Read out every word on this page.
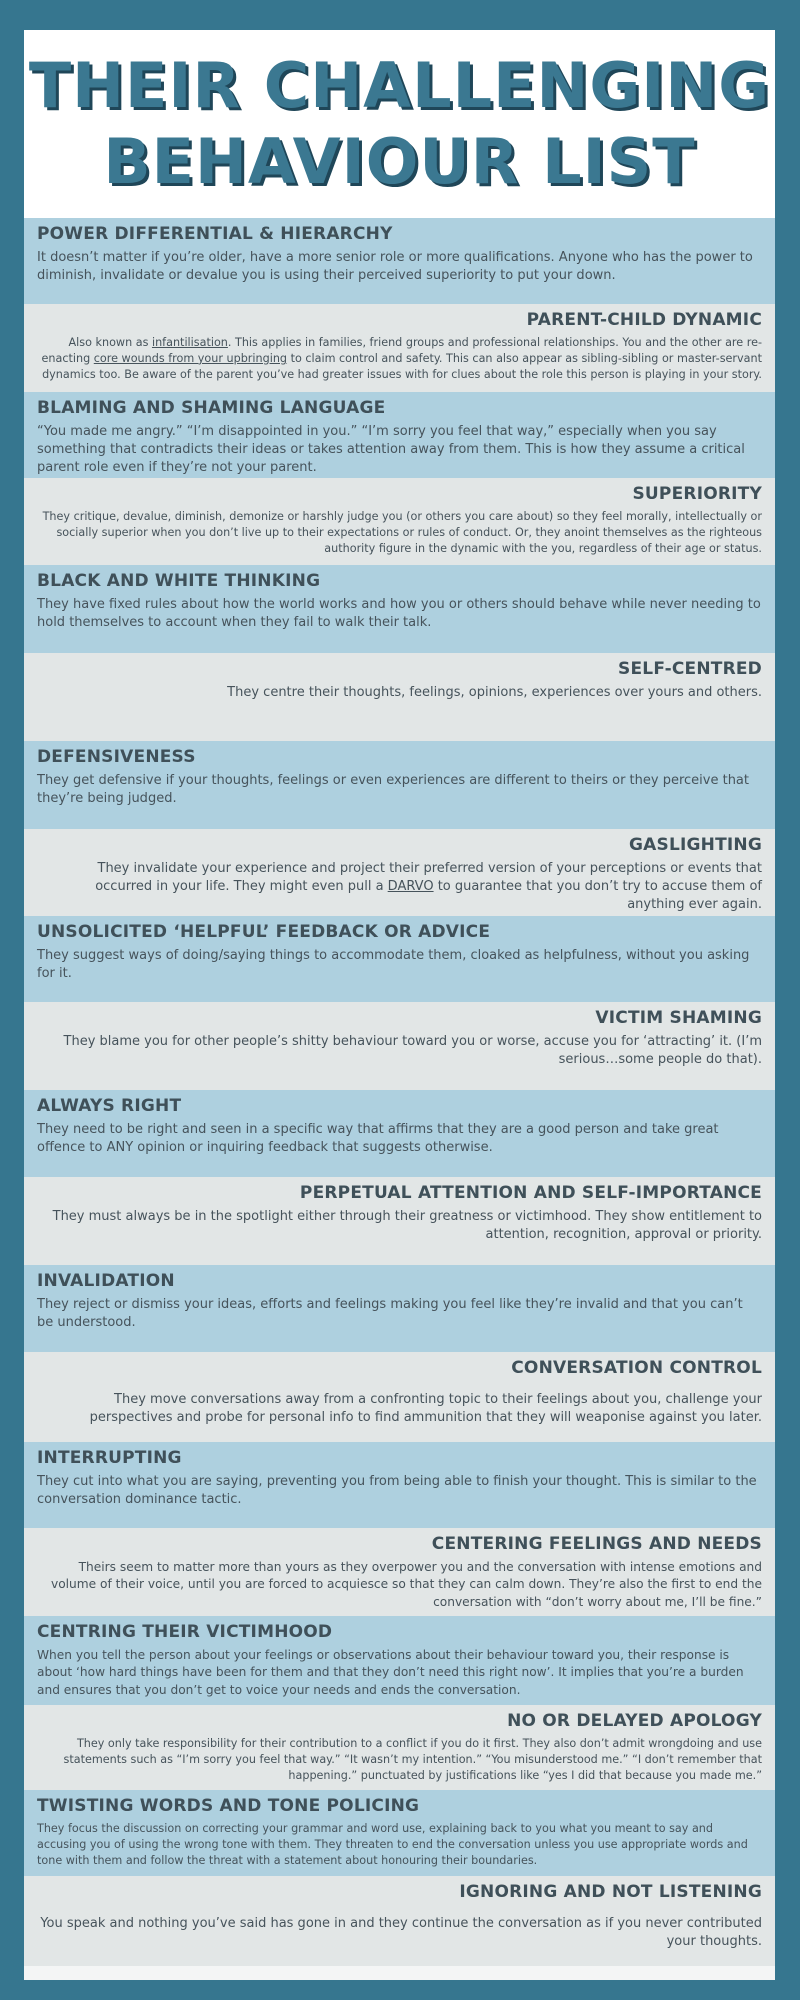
THEIR CHALLENGING
BEHAVIOUR LIST
POWER DIFFERENTIAL & HIERARCHY

It doesn’t matter if you’re older, have a more senior role or more qualifications. Anyone who has the power to diminish, invalidate or devalue you is using their perceived superiority to put your down.

PARENT-CHILD DYNAMIC

Also known as infantilisation. This applies in families, friend groups and professional relationships. You and the other are re-enacting core wounds from your upbringing to claim control and safety. This can also appear as sibling-sibling or master-servant dynamics too. Be aware of the parent you’ve had greater issues with for clues about the role this person is playing in your story.

BLAMING AND SHAMING LANGUAGE

“You made me angry.” “I’m disappointed in you.” “I’m sorry you feel that way,” especially when you say something that contradicts their ideas or takes attention away from them. This is how they assume a critical parent role even if they’re not your parent.

SUPERIORITY

They critique, devalue, diminish, demonize or harshly judge you (or others you care about) so they feel morally, intellectually or socially superior when you don’t live up to their expectations or rules of conduct. Or, they anoint themselves as the righteous authority figure in the dynamic with the you, regardless of their age or status.

BLACK AND WHITE THINKING

They have fixed rules about how the world works and how you or others should behave while never needing to hold themselves to account when they fail to walk their talk.

SELF-CENTRED

They centre their thoughts, feelings, opinions, experiences over yours and others.

DEFENSIVENESS

They get defensive if your thoughts, feelings or even experiences are different to theirs or they perceive that they’re being judged.

GASLIGHTING

They invalidate your experience and project their preferred version of your perceptions or events that occurred in your life. They might even pull a DARVO to guarantee that you don’t try to accuse them of anything ever again.

UNSOLICITED ‘HELPFUL’ FEEDBACK OR ADVICE

They suggest ways of doing/saying things to accommodate them, cloaked as helpfulness, without you asking for it.

VICTIM SHAMING

They blame you for other people’s shitty behaviour toward you or worse, accuse you for ‘attracting’ it. (I’m serious…some people do that).

ALWAYS RIGHT

They need to be right and seen in a specific way that affirms that they are a good person and take great offence to ANY opinion or inquiring feedback that suggests otherwise.

PERPETUAL ATTENTION AND SELF-IMPORTANCE

They must always be in the spotlight either through their greatness or victimhood. They show entitlement to attention, recognition, approval or priority.

INVALIDATION

They reject or dismiss your ideas, efforts and feelings making you feel like they’re invalid and that you can’t be understood.

CONVERSATION CONTROL

They move conversations away from a confronting topic to their feelings about you, challenge your perspectives and probe for personal info to find ammunition that they will weaponise against you later.

INTERRUPTING

They cut into what you are saying, preventing you from being able to finish your thought. This is similar to the conversation dominance tactic.

CENTERING FEELINGS AND NEEDS

Theirs seem to matter more than yours as they overpower you and the conversation with intense emotions and volume of their voice, until you are forced to acquiesce so that they can calm down. They’re also the first to end the conversation with “don’t worry about me, I’ll be fine.”

CENTRING THEIR VICTIMHOOD

When you tell the person about your feelings or observations about their behaviour toward you, their response is about ‘how hard things have been for them and that they don’t need this right now’. It implies that you’re a burden and ensures that you don’t get to voice your needs and ends the conversation.

NO OR DELAYED APOLOGY

They only take responsibility for their contribution to a conflict if you do it first. They also don’t admit wrongdoing and use statements such as “I’m sorry you feel that way.” “It wasn’t my intention.” “You misunderstood me.” “I don’t remember that happening.” punctuated by justifications like “yes I did that because you made me.”

TWISTING WORDS AND TONE POLICING

They focus the discussion on correcting your grammar and word use, explaining back to you what you meant to say and accusing you of using the wrong tone with them. They threaten to end the conversation unless you use appropriate words and tone with them and follow the threat with a statement about honouring their boundaries.

IGNORING AND NOT LISTENING

You speak and nothing you’ve said has gone in and they continue the conversation as if you never contributed your thoughts.
